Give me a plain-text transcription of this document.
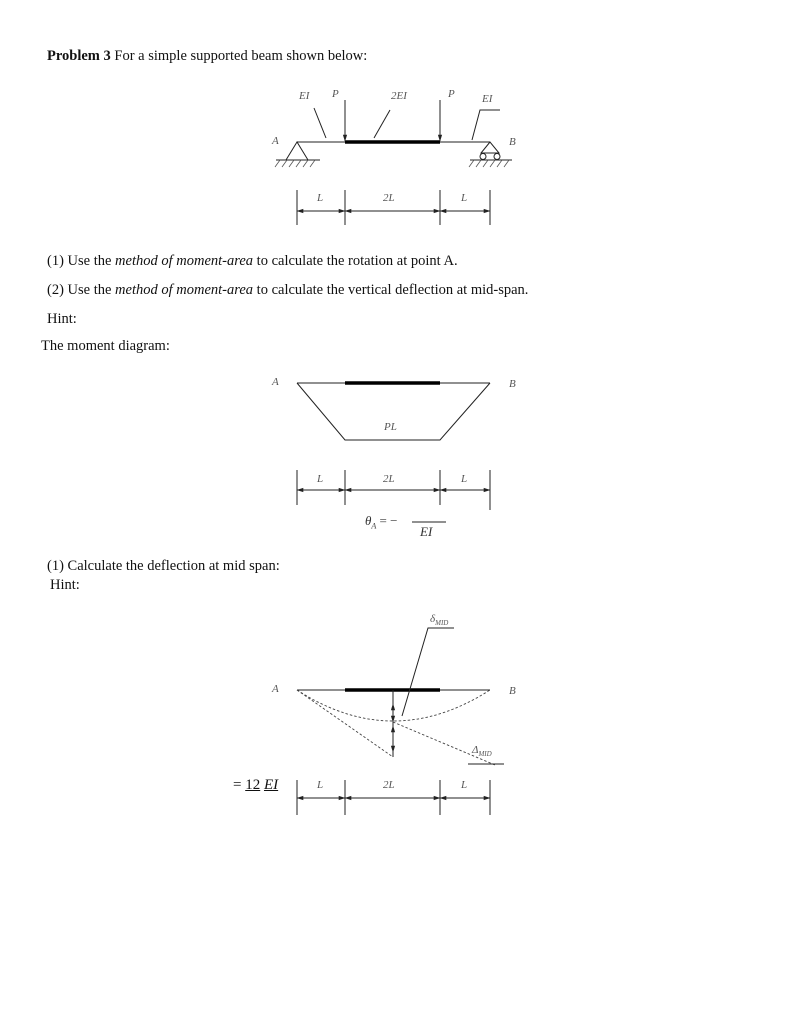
Problem 3 For a simple supported beam shown below:
EI P	2EI	P EI
A	B
L	2L	L
(1) Use the method of moment-area to calculate the rotation at point A.
(2) Use the method of moment-area to calculate the vertical deflection at mid-span.
Hint:
The moment diagram:
A	B
PL
L	2L	L
$\theta_A$ = −
EI
(1) Calculate the deflection at mid span:
Hint:
$\delta_{MID}$
A	B
$\Delta_{MID}$
= 12 EI	L	2L	L
